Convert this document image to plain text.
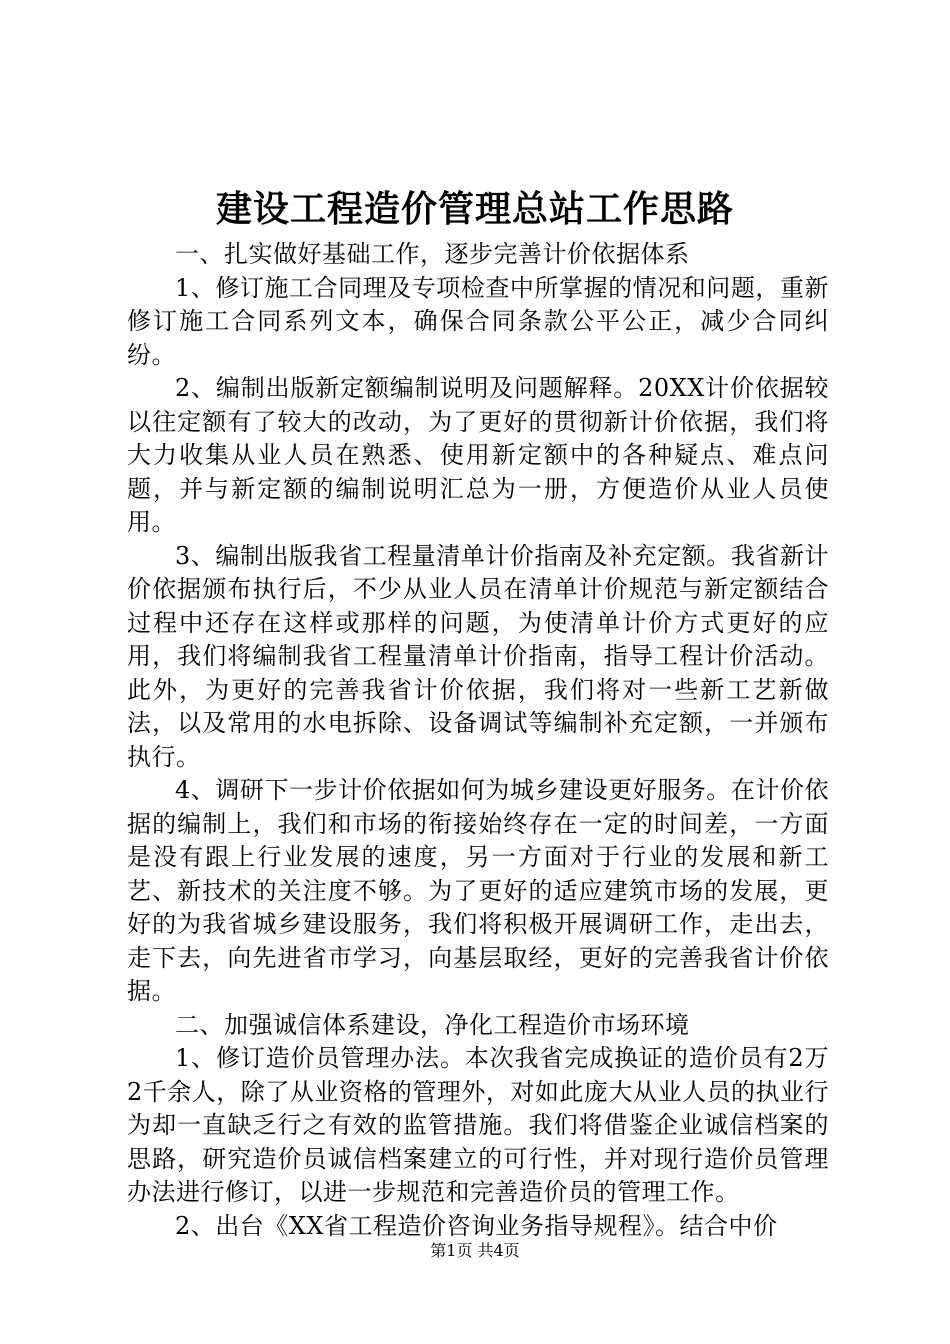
建设工程造价管理总站工作思路

一、扎实做好基础工作，逐步完善计价依据体系

1、修订施工合同理及专项检查中所掌握的情况和问题，重新修订施工合同系列文本，确保合同条款公平公正，减少合同纠纷。

2、编制出版新定额编制说明及问题解释。20XX计价依据较以往定额有了较大的改动，为了更好的贯彻新计价依据，我们将大力收集从业人员在熟悉、使用新定额中的各种疑点、难点问题，并与新定额的编制说明汇总为一册，方便造价从业人员使用。

3、编制出版我省工程量清单计价指南及补充定额。我省新计价依据颁布执行后，不少从业人员在清单计价规范与新定额结合过程中还存在这样或那样的问题，为使清单计价方式更好的应用，我们将编制我省工程量清单计价指南，指导工程计价活动。此外，为更好的完善我省计价依据，我们将对一些新工艺新做法，以及常用的水电拆除、设备调试等编制补充定额，一并颁布执行。

4、调研下一步计价依据如何为城乡建设更好服务。在计价依据的编制上，我们和市场的衔接始终存在一定的时间差，一方面是没有跟上行业发展的速度，另一方面对于行业的发展和新工艺、新技术的关注度不够。为了更好的适应建筑市场的发展，更好的为我省城乡建设服务，我们将积极开展调研工作，走出去，走下去，向先进省市学习，向基层取经，更好的完善我省计价依据。

二、加强诚信体系建设，净化工程造价市场环境

1、修订造价员管理办法。本次我省完成换证的造价员有2万2千余人，除了从业资格的管理外，对如此庞大从业人员的执业行为却一直缺乏行之有效的监管措施。我们将借鉴企业诚信档案的思路，研究造价员诚信档案建立的可行性，并对现行造价员管理办法进行修订，以进一步规范和完善造价员的管理工作。

2、出台《XX省工程造价咨询业务指导规程》。结合中价

第1页 共4页
